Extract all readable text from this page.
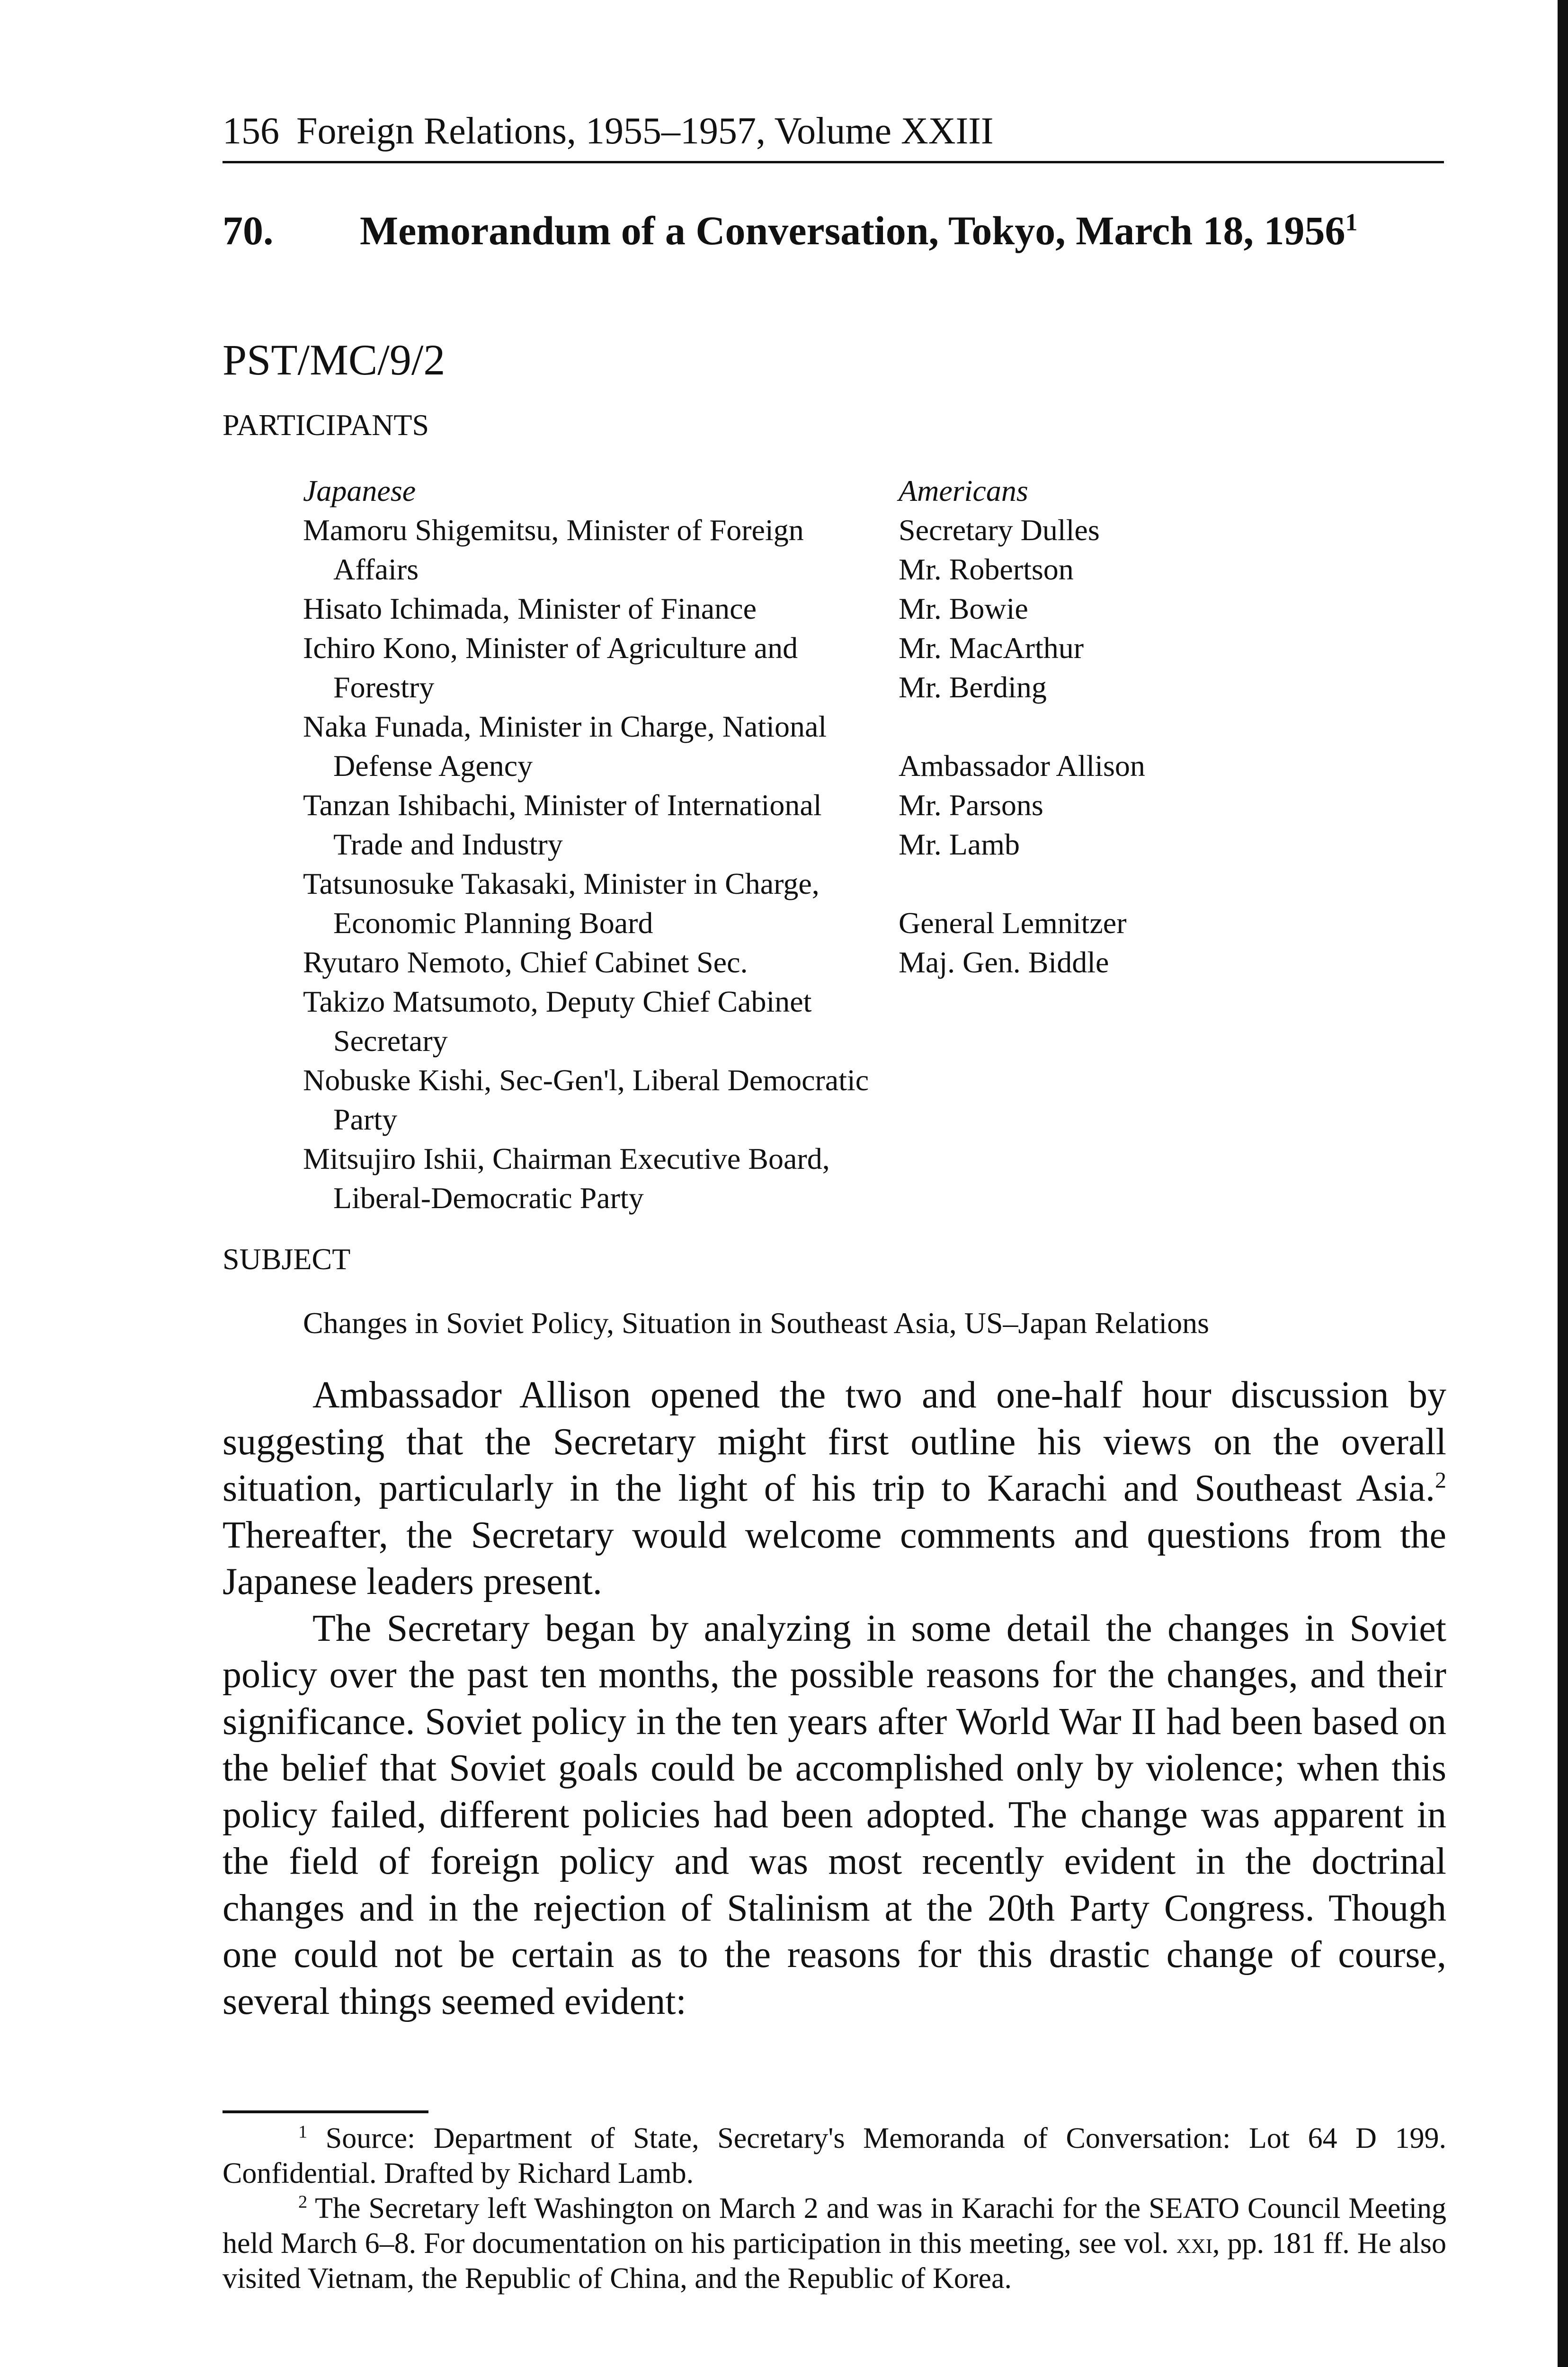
156 Foreign Relations, 1955–1957, Volume XXIII
70. Memorandum of a Conversation, Tokyo, March 18, 1956$^1$
PST/MC/9/2
PARTICIPANTS
Japanese
Mamoru Shigemitsu, Minister of Foreign Affairs
Hisato Ichimada, Minister of Finance
Ichiro Kono, Minister of Agriculture and Forestry
Naka Funada, Minister in Charge, National Defense Agency
Tanzan Ishibachi, Minister of International Trade and Industry
Tatsunosuke Takasaki, Minister in Charge, Economic Planning Board
Ryutaro Nemoto, Chief Cabinet Sec.
Takizo Matsumoto, Deputy Chief Cabinet Secretary
Nobuske Kishi, Sec-Gen'l, Liberal Democratic Party
Mitsujiro Ishii, Chairman Executive Board, Liberal-Democratic Party
Americans
Secretary Dulles
Mr. Robertson
Mr. Bowie
Mr. MacArthur
Mr. Berding
Ambassador Allison
Mr. Parsons
Mr. Lamb
General Lemnitzer
Maj. Gen. Biddle
SUBJECT
Changes in Soviet Policy, Situation in Southeast Asia, US–Japan Relations

Ambassador Allison opened the two and one-half hour discussion by suggesting that the Secretary might first outline his views on the overall situation, particularly in the light of his trip to Karachi and Southeast Asia.$^2$ Thereafter, the Secretary would welcome comments and questions from the Japanese leaders present.

The Secretary began by analyzing in some detail the changes in Soviet policy over the past ten months, the possible reasons for the changes, and their significance. Soviet policy in the ten years after World War II had been based on the belief that Soviet goals could be accomplished only by violence; when this policy failed, different policies had been adopted. The change was apparent in the field of foreign policy and was most recently evident in the doctrinal changes and in the rejection of Stalinism at the 20th Party Congress. Though one could not be certain as to the reasons for this drastic change of course, several things seemed evident:

$^1$ Source: Department of State, Secretary's Memoranda of Conversation: Lot 64 D 199. Confidential. Drafted by Richard Lamb.

$^2$ The Secretary left Washington on March 2 and was in Karachi for the SEATO Council Meeting held March 6–8. For documentation on his participation in this meeting, see vol. xxi, pp. 181 ff. He also visited Vietnam, the Republic of China, and the Republic of Korea.
